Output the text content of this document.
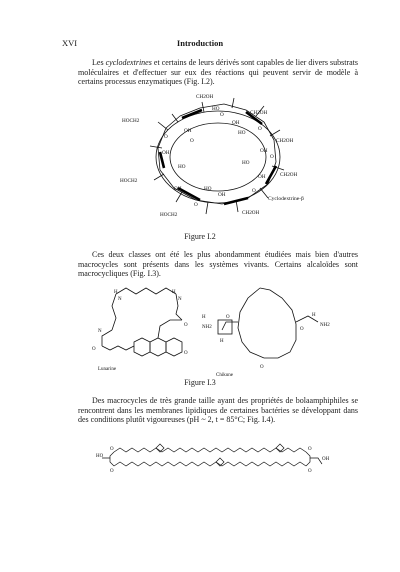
XVI	Introduction
Les cyclodextrines et certains de leurs dérivés sont capables de lier divers substrats moléculaires et d'effectuer sur eux des réactions qui peuvent servir de modèle à certains processus enzymatiques (Fig. I.2).
CH2OH
CH2OH
CH2OH
CH2OH
CH2OH
HOCH2
HOCH2
HOCH2
OH
OH
OH
OH
OH
OH
OH
HO
HO
HO
HO
HO
O
O
O
O
O
O
O
Cyclodextrine-β
Figure I.2
Ces deux classes ont été les plus abondamment étudiées mais bien d'autres macrocycles sont présents dans les systèmes vivants. Certains alcaloïdes sont macrocycliques (Fig. I.3).
H
N
H
N
N
O
O
O
Lunarine
H
NH2
H
O	H
NH2
O
O
Chikune
Figure I.3
Des macrocycles de très grande taille ayant des propriétés de bolaamphiphiles se rencontrent dans les membranes lipidiques de certaines bactéries se développant dans des conditions plutôt vigoureuses (pH ~ 2, t = 85°C; Fig. I.4).
HO
O
O
O
O
OH
